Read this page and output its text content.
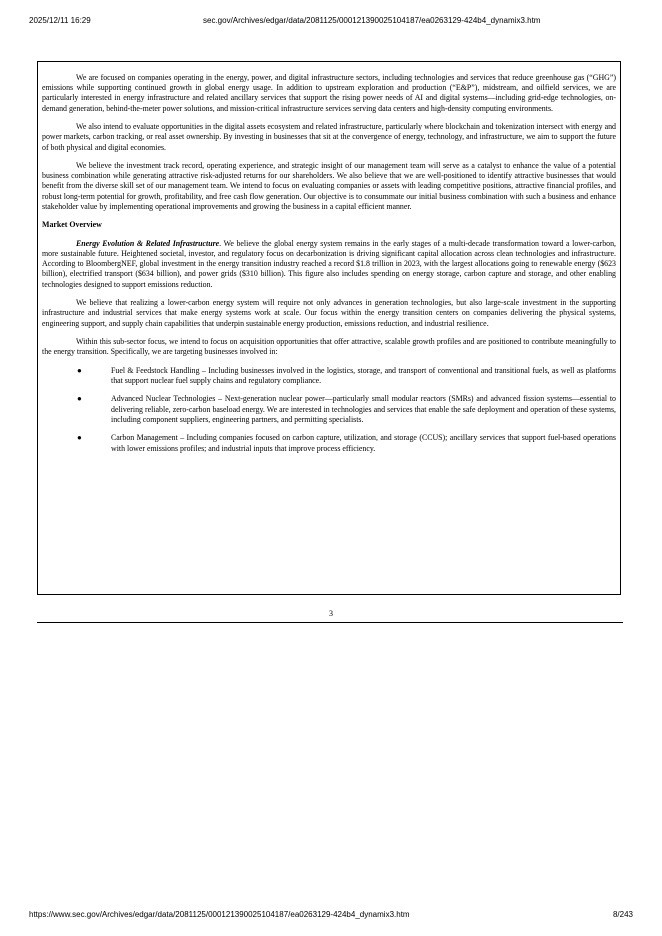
2025/12/11 16:29	sec.gov/Archives/edgar/data/2081125/000121390025104187/ea0263129-424b4_dynamix3.htm

We are focused on companies operating in the energy, power, and digital infrastructure sectors, including technologies and services that reduce greenhouse gas (“GHG”) emissions while supporting continued growth in global energy usage. In addition to upstream exploration and production (“E&P”), midstream, and oilfield services, we are particularly interested in energy infrastructure and related ancillary services that support the rising power needs of AI and digital systems—including grid-edge technologies, on-demand generation, behind-the-meter power solutions, and mission-critical infrastructure services serving data centers and high-density computing environments.

We also intend to evaluate opportunities in the digital assets ecosystem and related infrastructure, particularly where blockchain and tokenization intersect with energy and power markets, carbon tracking, or real asset ownership. By investing in businesses that sit at the convergence of energy, technology, and infrastructure, we aim to support the future of both physical and digital economies.

We believe the investment track record, operating experience, and strategic insight of our management team will serve as a catalyst to enhance the value of a potential business combination while generating attractive risk-adjusted returns for our shareholders. We also believe that we are well-positioned to identify attractive businesses that would benefit from the diverse skill set of our management team. We intend to focus on evaluating companies or assets with leading competitive positions, attractive financial profiles, and robust long-term potential for growth, profitability, and free cash flow generation. Our objective is to consummate our initial business combination with such a business and enhance stakeholder value by implementing operational improvements and growing the business in a capital efficient manner.

Market Overview

Energy Evolution & Related Infrastructure. We believe the global energy system remains in the early stages of a multi-decade transformation toward a lower-carbon, more sustainable future. Heightened societal, investor, and regulatory focus on decarbonization is driving significant capital allocation across clean technologies and infrastructure. According to BloombergNEF, global investment in the energy transition industry reached a record $1.8 trillion in 2023, with the largest allocations going to renewable energy ($623 billion), electrified transport ($634 billion), and power grids ($310 billion). This figure also includes spending on energy storage, carbon capture and storage, and other enabling technologies designed to support emissions reduction.

We believe that realizing a lower-carbon energy system will require not only advances in generation technologies, but also large-scale investment in the supporting infrastructure and industrial services that make energy systems work at scale. Our focus within the energy transition centers on companies delivering the physical systems, engineering support, and supply chain capabilities that underpin sustainable energy production, emissions reduction, and industrial resilience.

Within this sub-sector focus, we intend to focus on acquisition opportunities that offer attractive, scalable growth profiles and are positioned to contribute meaningfully to the energy transition. Specifically, we are targeting businesses involved in:

●	Fuel & Feedstock Handling – Including businesses involved in the logistics, storage, and transport of conventional and transitional fuels, as well as platforms that support nuclear fuel supply chains and regulatory compliance.

●	Advanced Nuclear Technologies – Next-generation nuclear power—particularly small modular reactors (SMRs) and advanced fission systems—essential to delivering reliable, zero-carbon baseload energy. We are interested in technologies and services that enable the safe deployment and operation of these systems, including component suppliers, engineering partners, and permitting specialists.

●	Carbon Management – Including companies focused on carbon capture, utilization, and storage (CCUS); ancillary services that support fuel-based operations with lower emissions profiles; and industrial inputs that improve process efficiency.

3
https://www.sec.gov/Archives/edgar/data/2081125/000121390025104187/ea0263129-424b4_dynamix3.htm	8/243
